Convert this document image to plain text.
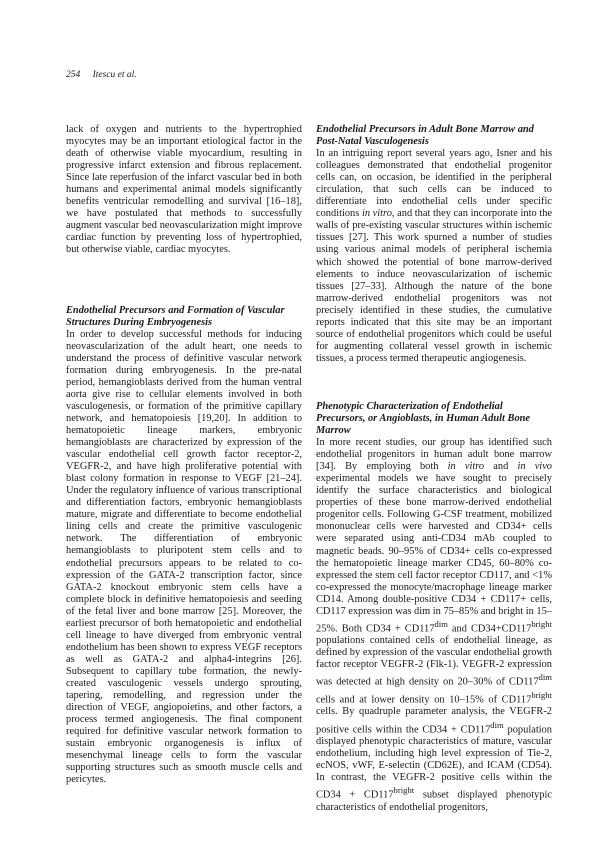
254 Itescu et al.

lack of oxygen and nutrients to the hypertrophied myocytes may be an important etiological factor in the death of otherwise viable myocardium, resulting in progressive infarct extension and fibrous replacement. Since late reperfusion of the infarct vascular bed in both humans and experimental animal models significantly benefits ventricular remodelling and survival [16–18], we have postulated that methods to successfully augment vascular bed neovascularization might improve cardiac function by preventing loss of hypertrophied, but otherwise viable, cardiac myocytes.

Endothelial Precursors and Formation of Vascular Structures During Embryogenesis

In order to develop successful methods for inducing neovascularization of the adult heart, one needs to understand the process of definitive vascular network formation during embryogenesis. In the pre-natal period, hemangioblasts derived from the human ventral aorta give rise to cellular elements involved in both vasculogenesis, or formation of the primitive capillary network, and hematopoiesis [19,20]. In addition to hematopoietic lineage markers, embryonic hemangioblasts are characterized by expression of the vascular endothelial cell growth factor receptor-2, VEGFR-2, and have high proliferative potential with blast colony formation in response to VEGF [21–24]. Under the regulatory influence of various transcriptional and differentiation factors, embryonic hemangioblasts mature, migrate and differentiate to become endothelial lining cells and create the primitive vasculogenic network. The differentiation of embryonic hemangioblasts to pluripotent stem cells and to endothelial precursors appears to be related to co-expression of the GATA-2 transcription factor, since GATA-2 knockout embryonic stem cells have a complete block in definitive hematopoiesis and seeding of the fetal liver and bone marrow [25]. Moreover, the earliest precursor of both hematopoietic and endothelial cell lineage to have diverged from embryonic ventral endothelium has been shown to express VEGF receptors as well as GATA-2 and alpha4-integrins [26]. Subsequent to capillary tube formation, the newly-created vasculogenic vessels undergo sprouting, tapering, remodelling, and regression under the direction of VEGF, angiopoietins, and other factors, a process termed angiogenesis. The final component required for definitive vascular network formation to sustain embryonic organogenesis is influx of mesenchymal lineage cells to form the vascular supporting structures such as smooth muscle cells and pericytes.

Endothelial Precursors in Adult Bone Marrow and Post-Natal Vasculogenesis

In an intriguing report several years ago, Isner and his colleagues demonstrated that endothelial progenitor cells can, on occasion, be identified in the peripheral circulation, that such cells can be induced to differentiate into endothelial cells under specific conditions in vitro, and that they can incorporate into the walls of pre-existing vascular structures within ischemic tissues [27]. This work spurned a number of studies using various animal models of peripheral ischemia which showed the potential of bone marrow-derived elements to induce neovascularization of ischemic tissues [27–33]. Although the nature of the bone marrow-derived endothelial progenitors was not precisely identified in these studies, the cumulative reports indicated that this site may be an important source of endothelial progenitors which could be useful for augmenting collateral vessel growth in ischemic tissues, a process termed therapeutic angiogenesis.

Phenotypic Characterization of Endothelial Precursors, or Angioblasts, in Human Adult Bone Marrow

In more recent studies, our group has identified such endothelial progenitors in human adult bone marrow [34]. By employing both in vitro and in vivo experimental models we have sought to precisely identify the surface characteristics and biological properties of these bone marrow-derived endothelial progenitor cells. Following G-CSF treatment, mobilized mononuclear cells were harvested and CD34+ cells were separated using anti-CD34 mAb coupled to magnetic beads. 90–95% of CD34+ cells co-expressed the hematopoietic lineage marker CD45, 60–80% co-expressed the stem cell factor receptor CD117, and <1% co-expressed the monocyte/macrophage lineage marker CD14. Among double-positive CD34 + CD117+ cells, CD117 expression was dim in 75–85% and bright in 15–25%. Both $CD34 + CD117^{dim}$ and $CD34+CD117^{bright}$ populations contained cells of endothelial lineage, as defined by expression of the vascular endothelial growth factor receptor VEGFR-2 (Flk-1). VEGFR-2 expression was detected at high density on 20–30% of $CD117^{dim}$ cells and at lower density on 10–15% of $CD117^{bright}$ cells. By quadruple parameter analysis, the VEGFR-2 positive cells within the $CD34 + CD117^{dim}$ population displayed phenotypic characteristics of mature, vascular endothelium, including high level expression of Tie-2, ecNOS, vWF, E-selectin (CD62E), and ICAM (CD54). In contrast, the VEGFR-2 positive cells within the $CD34 + CD117^{bright}$ subset displayed phenotypic characteristics of endothelial progenitors,
